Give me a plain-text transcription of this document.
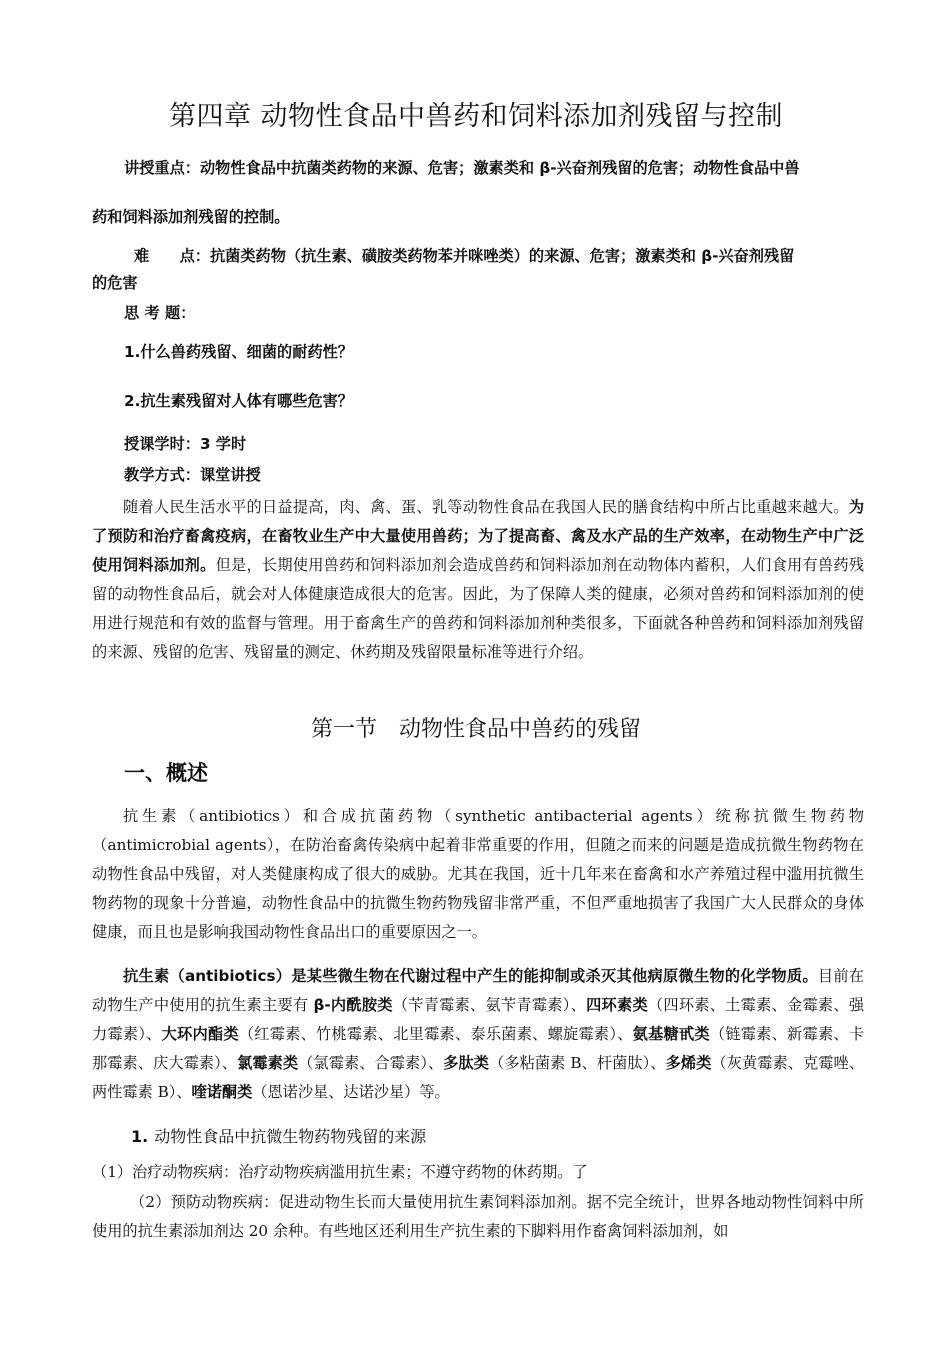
第四章 动物性食品中兽药和饲料添加剂残留与控制
讲授重点：动物性食品中抗菌类药物的来源、危害；激素类和 β-兴奋剂残留的危害；动物性食品中兽
药和饲料添加剂残留的控制。
难　　点：抗菌类药物（抗生素、磺胺类药物苯并咪唑类）的来源、危害；激素类和 β-兴奋剂残留
的危害
思 考 题：
1.什么兽药残留、细菌的耐药性？
2.抗生素残留对人体有哪些危害？
授课学时：3 学时
教学方式：课堂讲授
随着人民生活水平的日益提高，肉、禽、蛋、乳等动物性食品在我国人民的膳食结构中所占比重越来越大。为了预防和治疗畜禽疫病，在畜牧业生产中大量使用兽药；为了提高畜、禽及水产品的生产效率，在动物生产中广泛使用饲料添加剂。但是，长期使用兽药和饲料添加剂会造成兽药和饲料添加剂在动物体内蓄积，人们食用有兽药残留的动物性食品后，就会对人体健康造成很大的危害。因此，为了保障人类的健康，必须对兽药和饲料添加剂的使用进行规范和有效的监督与管理。用于畜禽生产的兽药和饲料添加剂种类很多，下面就各种兽药和饲料添加剂残留的来源、残留的危害、残留量的测定、休药期及残留限量标准等进行介绍。
第一节　动物性食品中兽药的残留
一、概述
抗生素（antibiotics）和合成抗菌药物（synthetic antibacterial agents）统称抗微生物药物（antimicrobial agents），在防治畜禽传染病中起着非常重要的作用，但随之而来的问题是造成抗微生物药物在动物性食品中残留，对人类健康构成了很大的威胁。尤其在我国，近十几年来在畜禽和水产养殖过程中滥用抗微生物药物的现象十分普遍，动物性食品中的抗微生物药物残留非常严重，不但严重地损害了我国广大人民群众的身体健康，而且也是影响我国动物性食品出口的重要原因之一。
抗生素（antibiotics）是某些微生物在代谢过程中产生的能抑制或杀灭其他病原微生物的化学物质。目前在动物生产中使用的抗生素主要有 β-内酰胺类（苄青霉素、氨苄青霉素）、四环素类（四环素、土霉素、金霉素、强力霉素）、大环内酯类（红霉素、竹桃霉素、北里霉素、泰乐菌素、螺旋霉素）、氨基糖甙类（链霉素、新霉素、卡那霉素、庆大霉素）、氯霉素类（氯霉素、合霉素）、多肽类（多粘菌素 B、杆菌肽）、多烯类（灰黄霉素、克霉唑、两性霉素 B）、喹诺酮类（恩诺沙星、达诺沙星）等。
1. 动物性食品中抗微生物药物残留的来源
（1）治疗动物疾病：治疗动物疾病滥用抗生素；不遵守药物的休药期。了
（2）预防动物疾病：促进动物生长而大量使用抗生素饲料添加剂。据不完全统计，世界各地动物性饲料中所使用的抗生素添加剂达 20 余种。有些地区还利用生产抗生素的下脚料用作畜禽饲料添加剂，如
